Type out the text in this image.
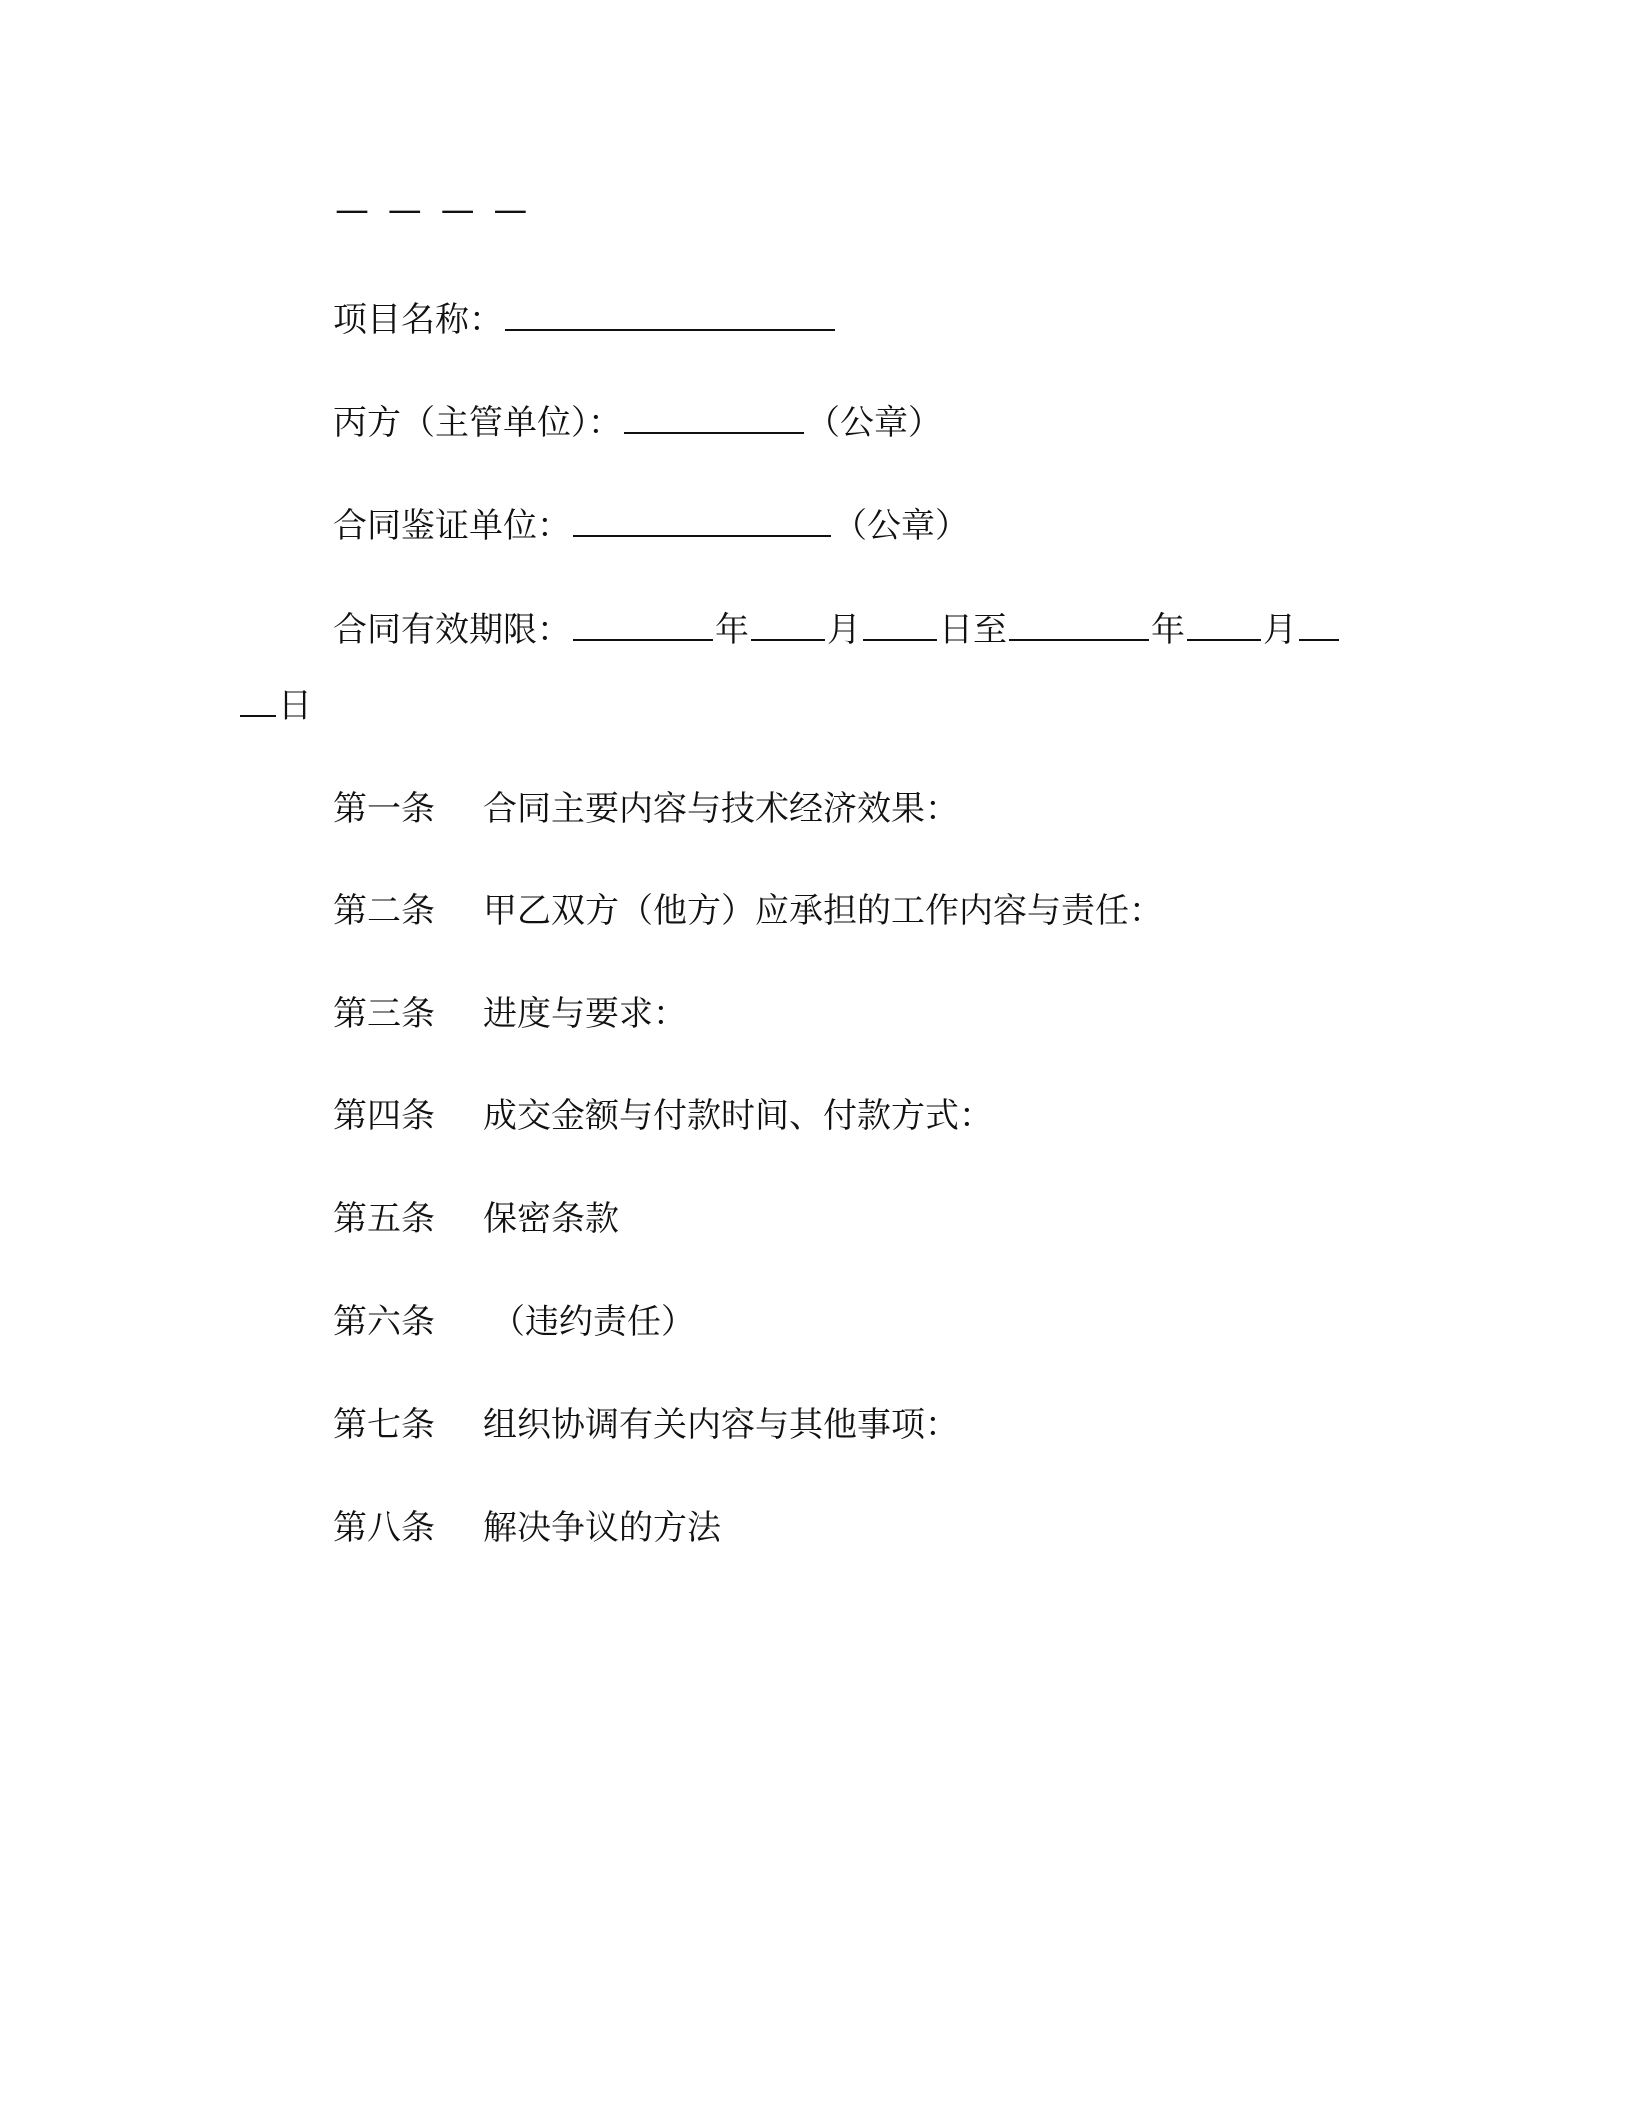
— — — —
项目名称：
丙方（主管单位）：	（公章）
合同鉴证单位：	（公章）
合同有效期限：	年 月 日至	年 月
日
第一条 合同主要内容与技术经济效果：
第二条 甲乙双方（他方）应承担的工作内容与责任：
第三条 进度与要求：
第四条 成交金额与付款时间、付款方式：
第五条 保密条款
第六条 （违约责任）
第七条 组织协调有关内容与其他事项：
第八条 解决争议的方法
